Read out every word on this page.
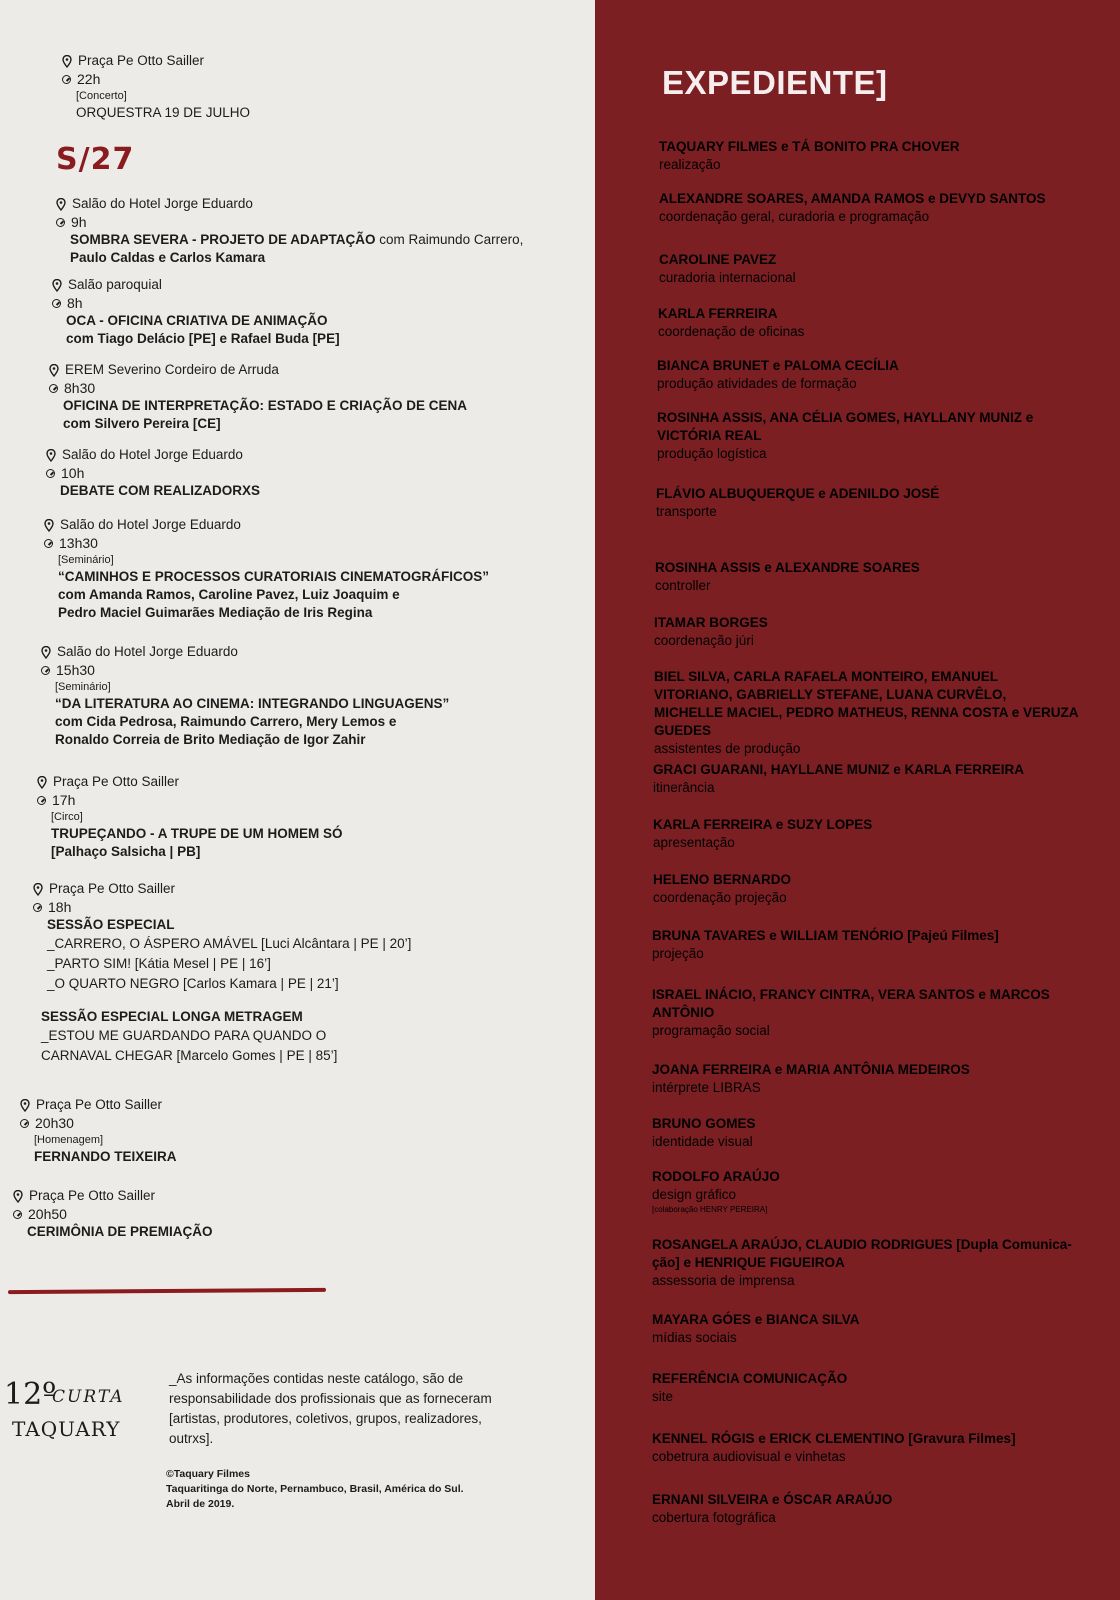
Praça Pe Otto Sailler
22h
[Concerto]
ORQUESTRA 19 DE JULHO
S/27
Salão do Hotel Jorge Eduardo
9h
SOMBRA SEVERA - PROJETO DE ADAPTAÇÃO com Raimundo Carrero,
Paulo Caldas e Carlos Kamara
Salão paroquial
8h
OCA - OFICINA CRIATIVA DE ANIMAÇÃO
com Tiago Delácio [PE] e Rafael Buda [PE]
EREM Severino Cordeiro de Arruda
8h30
OFICINA DE INTERPRETAÇÃO: ESTADO E CRIAÇÃO DE CENA
com Silvero Pereira [CE]
Salão do Hotel Jorge Eduardo
10h
DEBATE COM REALIZADORXS
Salão do Hotel Jorge Eduardo
13h30
[Seminário]
“CAMINHOS E PROCESSOS CURATORIAIS CINEMATOGRÁFICOS”
com Amanda Ramos, Caroline Pavez, Luiz Joaquim e
Pedro Maciel Guimarães Mediação de Iris Regina
Salão do Hotel Jorge Eduardo
15h30
[Seminário]
“DA LITERATURA AO CINEMA: INTEGRANDO LINGUAGENS”
com Cida Pedrosa, Raimundo Carrero, Mery Lemos e
Ronaldo Correia de Brito Mediação de Igor Zahir
Praça Pe Otto Sailler
17h
[Circo]
TRUPEÇANDO - A TRUPE DE UM HOMEM SÓ
[Palhaço Salsicha | PB]
Praça Pe Otto Sailler
18h
SESSÃO ESPECIAL
_CARRERO, O ÁSPERO AMÁVEL [Luci Alcântara | PE | 20’]
_PARTO SIM! [Kátia Mesel | PE | 16’]
_O QUARTO NEGRO [Carlos Kamara | PE | 21’]
SESSÃO ESPECIAL LONGA METRAGEM
_ESTOU ME GUARDANDO PARA QUANDO O
CARNAVAL CHEGAR [Marcelo Gomes | PE | 85’]
Praça Pe Otto Sailler
20h30
[Homenagem]
FERNANDO TEIXEIRA
Praça Pe Otto Sailler
20h50
CERIMÔNIA DE PREMIAÇÃO
12º
CURTA
TAQUARY
_As informações contidas neste catálogo, são de responsabilidade dos profissionais que as forneceram [artistas, produtores, coletivos, grupos, realizadores, outrxs].
©Taquary Filmes
Taquaritinga do Norte, Pernambuco, Brasil, América do Sul.
Abril de 2019.
EXPEDIENTE]
TAQUARY FILMES e TÁ BONITO PRA CHOVER
realização
ALEXANDRE SOARES, AMANDA RAMOS e DEVYD SANTOS
coordenação geral, curadoria e programação
CAROLINE PAVEZ
curadoria internacional
KARLA FERREIRA
coordenação de oficinas
BIANCA BRUNET e PALOMA CECÍLIA
produção atividades de formação
ROSINHA ASSIS, ANA CÉLIA GOMES, HAYLLANY MUNIZ e VICTÓRIA REAL
produção logística
FLÁVIO ALBUQUERQUE e ADENILDO JOSÉ
transporte
ROSINHA ASSIS e ALEXANDRE SOARES
controller
ITAMAR BORGES
coordenação júri
BIEL SILVA, CARLA RAFAELA MONTEIRO, EMANUEL VITORIANO, GABRIELLY STEFANE, LUANA CURVÊLO, MICHELLE MACIEL, PEDRO MATHEUS, RENNA COSTA e VERUZA GUEDES
assistentes de produção
GRACI GUARANI, HAYLLANE MUNIZ e KARLA FERREIRA
itinerância
KARLA FERREIRA e SUZY LOPES
apresentação
HELENO BERNARDO
coordenação projeção
BRUNA TAVARES e WILLIAM TENÓRIO [Pajeú Filmes]
projeção
ISRAEL INÁCIO, FRANCY CINTRA, VERA SANTOS e MARCOS ANTÔNIO
programação social
JOANA FERREIRA e MARIA ANTÔNIA MEDEIROS
intérprete LIBRAS
BRUNO GOMES
identidade visual
RODOLFO ARAÚJO
design gráfico
[colaboração HENRY PEREIRA]
ROSANGELA ARAÚJO, CLAUDIO RODRIGUES [Dupla Comunica-ção] e HENRIQUE FIGUEIROA
assessoria de imprensa
MAYARA GÓES e BIANCA SILVA
mídias sociais
REFERÊNCIA COMUNICAÇÃO
site
KENNEL RÓGIS e ERICK CLEMENTINO [Gravura Filmes]
cobetrura audiovisual e vinhetas
ERNANI SILVEIRA e ÓSCAR ARAÚJO
cobertura fotográfica
